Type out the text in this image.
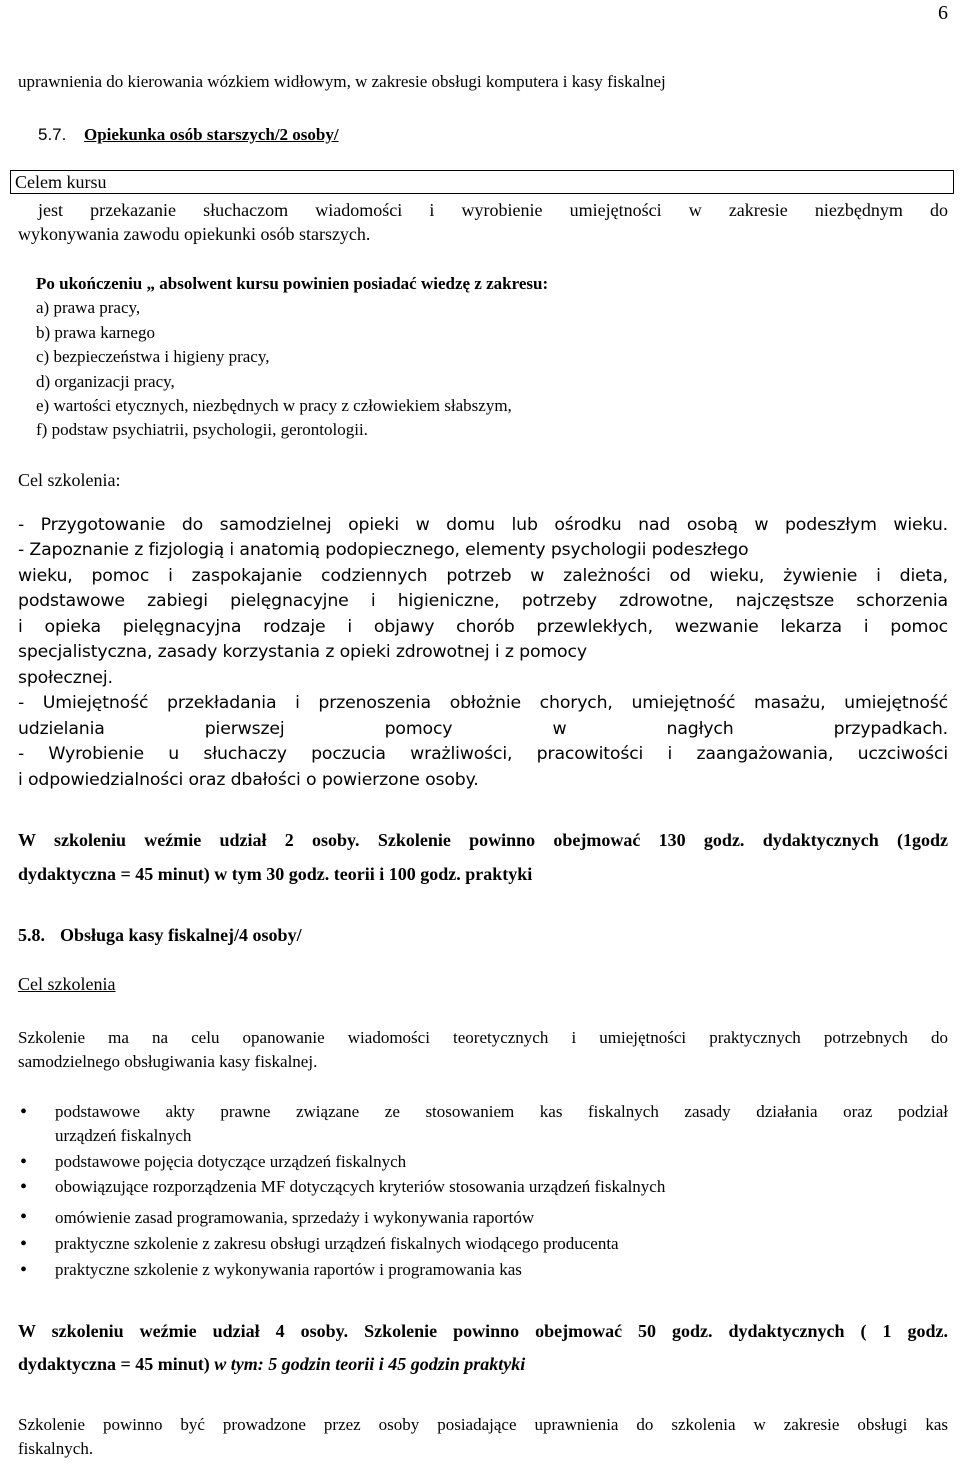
6
uprawnienia do kierowania wózkiem widłowym, w zakresie obsługi komputera i kasy fiskalnej
5.7. Opiekunka osób starszych/2 osoby/
Celem kursu
jest przekazanie słuchaczom wiadomości i wyrobienie umiejętności w zakresie niezbędnym do
wykonywania zawodu opiekunki osób starszych.
Po ukończeniu „ absolwent kursu powinien posiadać wiedzę z zakresu:
a) prawa pracy,
b) prawa karnego
c) bezpieczeństwa i higieny pracy,
d) organizacji pracy,
e) wartości etycznych, niezbędnych w pracy z człowiekiem słabszym,
f) podstaw psychiatrii, psychologii, gerontologii.
Cel szkolenia:
- Przygotowanie do samodzielnej opieki w domu lub ośrodku nad osobą w podeszłym wieku.
- Zapoznanie z fizjologią i anatomią podopiecznego, elementy psychologii podeszłego
wieku, pomoc i zaspokajanie codziennych potrzeb w zależności od wieku, żywienie i dieta,
podstawowe zabiegi pielęgnacyjne i higieniczne, potrzeby zdrowotne, najczęstsze schorzenia
i opieka pielęgnacyjna rodzaje i objawy chorób przewlekłych, wezwanie lekarza i pomoc
specjalistyczna, zasady korzystania z opieki zdrowotnej i z pomocy
społecznej.
- Umiejętność przekładania i przenoszenia obłożnie chorych, umiejętność masażu, umiejętność
udzielania pierwszej pomocy w nagłych przypadkach.
- Wyrobienie u słuchaczy poczucia wrażliwości, pracowitości i zaangażowania, uczciwości
i odpowiedzialności oraz dbałości o powierzone osoby.
W szkoleniu weźmie udział 2 osoby. Szkolenie powinno obejmować 130 godz. dydaktycznych (1godz
dydaktyczna = 45 minut) w tym 30 godz. teorii i 100 godz. praktyki
5.8. Obsługa kasy fiskalnej/4 osoby/
Cel szkolenia
Szkolenie ma na celu opanowanie wiadomości teoretycznych i umiejętności praktycznych potrzebnych do
samodzielnego obsługiwania kasy fiskalnej.
• podstawowe akty prawne związane ze stosowaniem kas fiskalnych zasady działania oraz podział
urządzeń fiskalnych
• podstawowe pojęcia dotyczące urządzeń fiskalnych
• obowiązujące rozporządzenia MF dotyczących kryteriów stosowania urządzeń fiskalnych
• omówienie zasad programowania, sprzedaży i wykonywania raportów
• praktyczne szkolenie z zakresu obsługi urządzeń fiskalnych wiodącego producenta
• praktyczne szkolenie z wykonywania raportów i programowania kas
W szkoleniu weźmie udział 4 osoby. Szkolenie powinno obejmować 50 godz. dydaktycznych ( 1 godz.
dydaktyczna = 45 minut) w tym: 5 godzin teorii i 45 godzin praktyki
Szkolenie powinno być prowadzone przez osoby posiadające uprawnienia do szkolenia w zakresie obsługi kas
fiskalnych.
